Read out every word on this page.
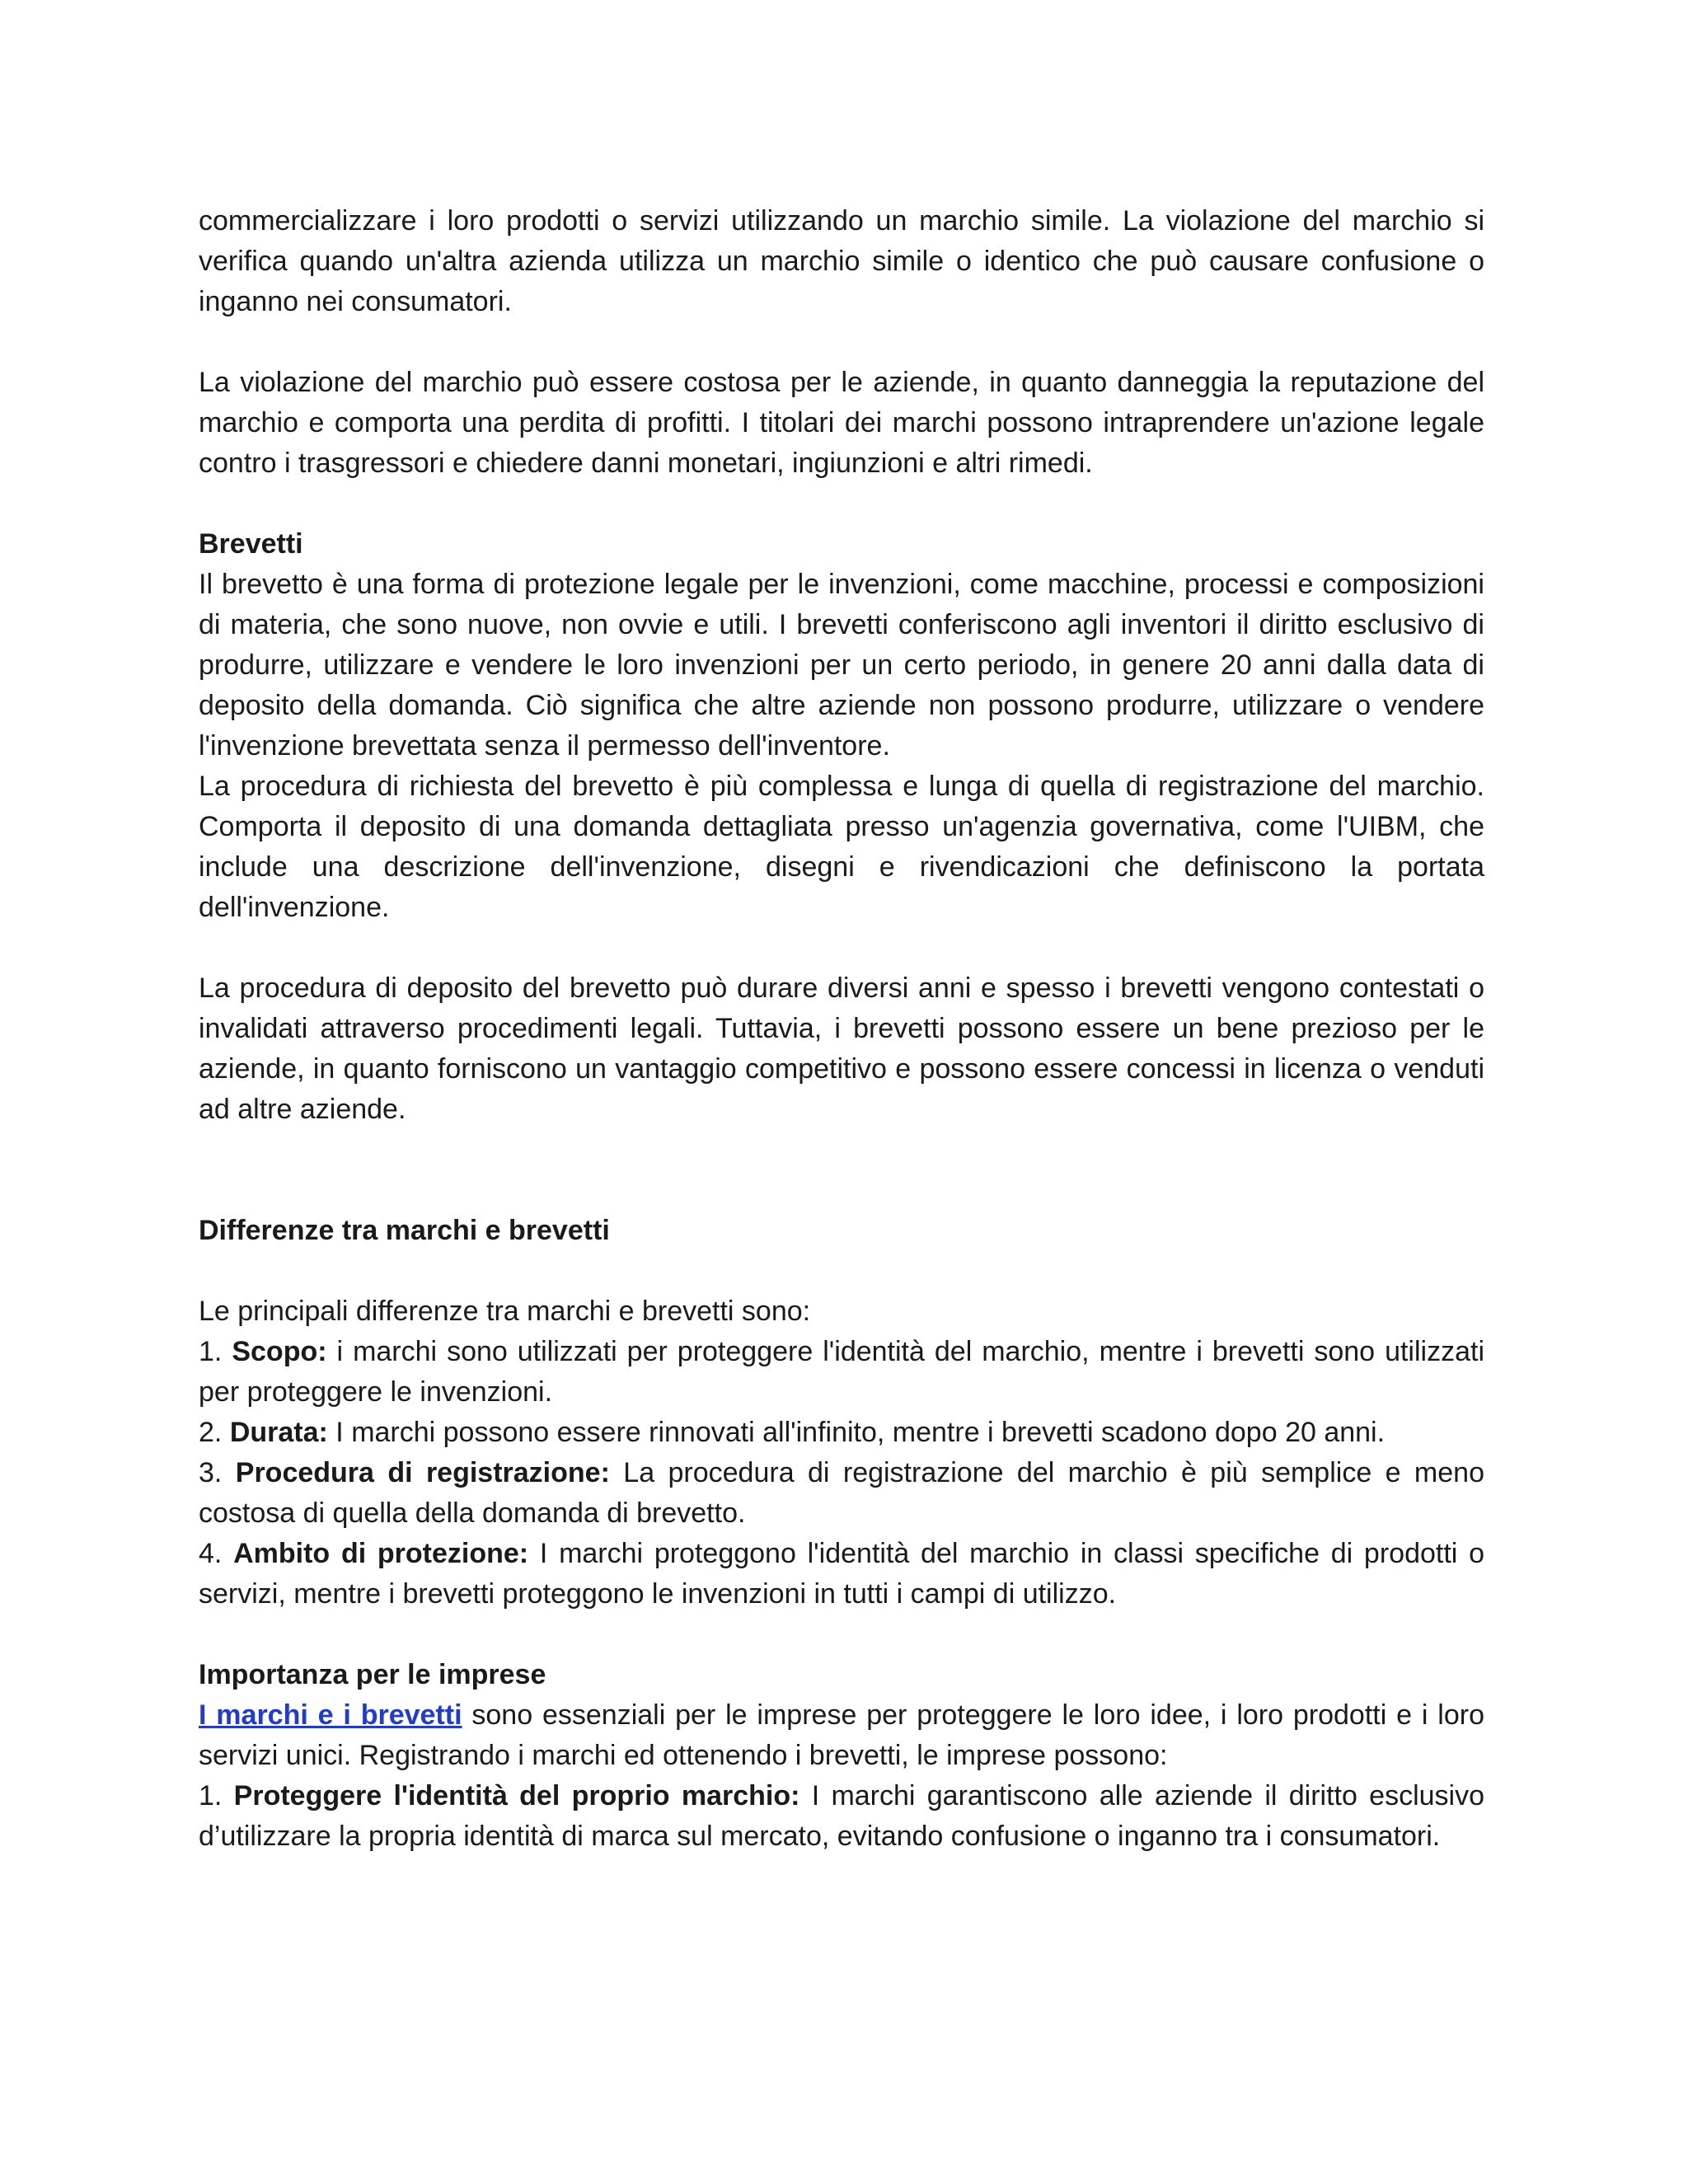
commercializzare i loro prodotti o servizi utilizzando un marchio simile. La violazione del marchio si verifica quando un'altra azienda utilizza un marchio simile o identico che può causare confusione o inganno nei consumatori.

La violazione del marchio può essere costosa per le aziende, in quanto danneggia la reputazione del marchio e comporta una perdita di profitti. I titolari dei marchi possono intraprendere un'azione legale contro i trasgressori e chiedere danni monetari, ingiunzioni e altri rimedi.

Brevetti

Il brevetto è una forma di protezione legale per le invenzioni, come macchine, processi e composizioni di materia, che sono nuove, non ovvie e utili. I brevetti conferiscono agli inventori il diritto esclusivo di produrre, utilizzare e vendere le loro invenzioni per un certo periodo, in genere 20 anni dalla data di deposito della domanda. Ciò significa che altre aziende non possono produrre, utilizzare o vendere l'invenzione brevettata senza il permesso dell'inventore.

La procedura di richiesta del brevetto è più complessa e lunga di quella di registrazione del marchio. Comporta il deposito di una domanda dettagliata presso un'agenzia governativa, come l'UIBM, che include una descrizione dell'invenzione, disegni e rivendicazioni che definiscono la portata dell'invenzione.

La procedura di deposito del brevetto può durare diversi anni e spesso i brevetti vengono contestati o invalidati attraverso procedimenti legali. Tuttavia, i brevetti possono essere un bene prezioso per le aziende, in quanto forniscono un vantaggio competitivo e possono essere concessi in licenza o venduti ad altre aziende.

Differenze tra marchi e brevetti

Le principali differenze tra marchi e brevetti sono:

1. Scopo: i marchi sono utilizzati per proteggere l'identità del marchio, mentre i brevetti sono utilizzati per proteggere le invenzioni.

2. Durata: I marchi possono essere rinnovati all'infinito, mentre i brevetti scadono dopo 20 anni.

3. Procedura di registrazione: La procedura di registrazione del marchio è più semplice e meno costosa di quella della domanda di brevetto.

4. Ambito di protezione: I marchi proteggono l'identità del marchio in classi specifiche di prodotti o servizi, mentre i brevetti proteggono le invenzioni in tutti i campi di utilizzo.

Importanza per le imprese

I marchi e i brevetti sono essenziali per le imprese per proteggere le loro idee, i loro prodotti e i loro servizi unici. Registrando i marchi ed ottenendo i brevetti, le imprese possono:

1. Proteggere l'identità del proprio marchio: I marchi garantiscono alle aziende il diritto esclusivo d’utilizzare la propria identità di marca sul mercato, evitando confusione o inganno tra i consumatori.
